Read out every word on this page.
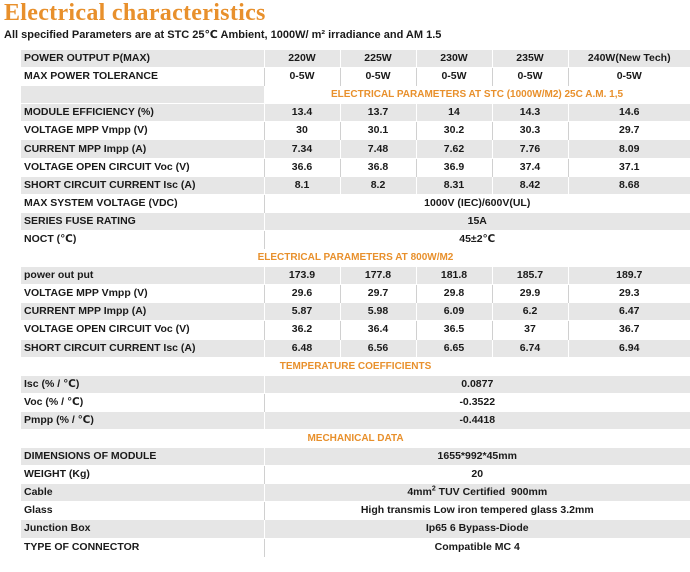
Electrical characteristics
All specified Parameters are at STC 25℃ Ambient, 1000W/ m² irradiance and AM 1.5
POWER OUTPUT P(MAX)	220W	225W	230W	235W	240W(New Tech)
MAX POWER TOLERANCE	0-5W	0-5W	0-5W	0-5W	0-5W
	ELECTRICAL PARAMETERS AT STC (1000W/M2) 25C A.M. 1,5				
MODULE EFFICIENCY (%)	13.4	13.7	14	14.3	14.6
VOLTAGE MPP Vmpp (V)	30	30.1	30.2	30.3	29.7
CURRENT MPP Impp (A)	7.34	7.48	7.62	7.76	8.09
VOLTAGE OPEN CIRCUIT Voc (V)	36.6	36.8	36.9	37.4	37.1
SHORT CIRCUIT CURRENT Isc (A)	8.1	8.2	8.31	8.42	8.68
MAX SYSTEM VOLTAGE (VDC)	1000V (IEC)/600V(UL)				
SERIES FUSE RATING	15A				
NOCT (℃)	45±2℃				
ELECTRICAL PARAMETERS AT 800W/M2					
power out put	173.9	177.8	181.8	185.7	189.7
VOLTAGE MPP Vmpp (V)	29.6	29.7	29.8	29.9	29.3
CURRENT MPP Impp (A)	5.87	5.98	6.09	6.2	6.47
VOLTAGE OPEN CIRCUIT Voc (V)	36.2	36.4	36.5	37	36.7
SHORT CIRCUIT CURRENT Isc (A)	6.48	6.56	6.65	6.74	6.94
TEMPERATURE COEFFICIENTS					
Isc (% / ℃)	0.0877				
Voc (% / ℃)	-0.3522				
Pmpp (% / ℃)	-0.4418				
MECHANICAL DATA					
DIMENSIONS OF MODULE	1655*992*45mm				
WEIGHT (Kg)	20				
Cable	$4mm^2$ TUV Certified  900mm				
Glass	High transmis Low iron tempered glass 3.2mm				
Junction Box	Ip65 6 Bypass-Diode				
TYPE OF CONNECTOR	Compatible MC 4				
